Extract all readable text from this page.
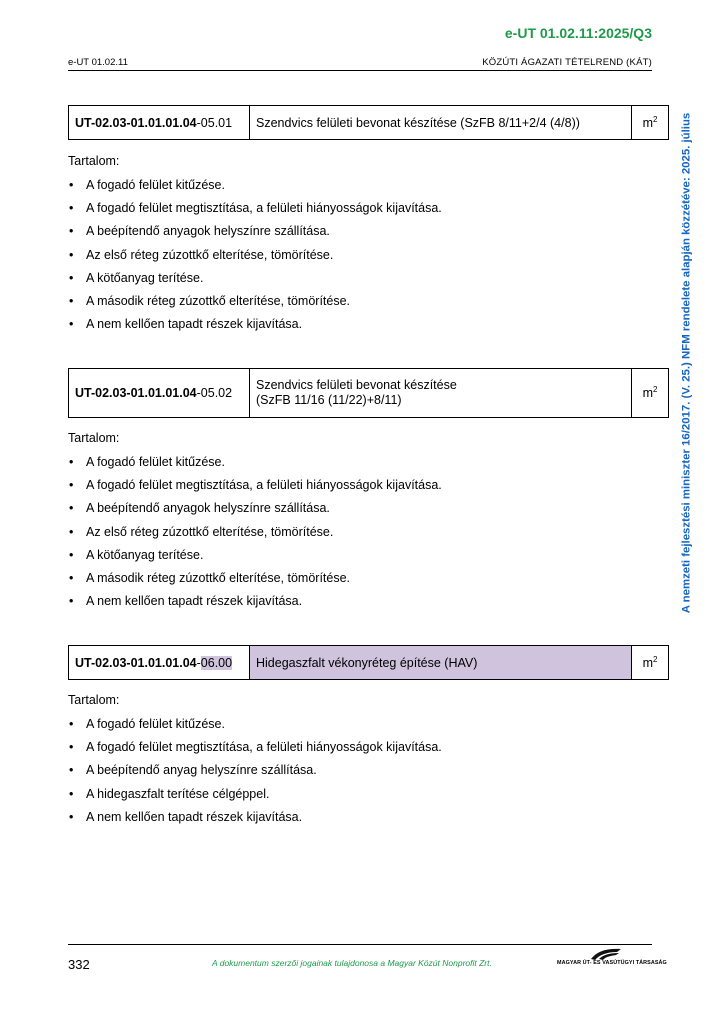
e-UT 01.02.11:2025/Q3
e-UT 01.02.11	KÖZÚTI ÁGAZATI TÉTELREND (KÁT)
A nemzeti fejlesztési miniszter 16/2017. (V. 25.) NFM rendelete alapján közzétéve: 2025. július
UT-02.03-01.01.01.04-05.01	Szendvics felületi bevonat készítése (SzFB 8/11+2/4 (4/8))	$m^2$
Tartalom:
• A fogadó felület kitűzése.
• A fogadó felület megtisztítása, a felületi hiányosságok kijavítása.
• A beépítendő anyagok helyszínre szállítása.
• Az első réteg zúzottkő elterítése, tömörítése.
• A kötőanyag terítése.
• A második réteg zúzottkő elterítése, tömörítése.
• A nem kellően tapadt részek kijavítása.
UT-02.03-01.01.01.04-05.02	Szendvics felületi bevonat készítése
(SzFB 11/16 (11/22)+8/11)	$m^2$
Tartalom:
• A fogadó felület kitűzése.
• A fogadó felület megtisztítása, a felületi hiányosságok kijavítása.
• A beépítendő anyagok helyszínre szállítása.
• Az első réteg zúzottkő elterítése, tömörítése.
• A kötőanyag terítése.
• A második réteg zúzottkő elterítése, tömörítése.
• A nem kellően tapadt részek kijavítása.
UT-02.03-01.01.01.04-06.00	Hidegaszfalt vékonyréteg építése (HAV)	$m^2$
Tartalom:
• A fogadó felület kitűzése.
• A fogadó felület megtisztítása, a felületi hiányosságok kijavítása.
• A beépítendő anyag helyszínre szállítása.
• A hidegaszfalt terítése célgéppel.
• A nem kellően tapadt részek kijavítása.
332	A dokumentum szerzői jogainak tulajdonosa a Magyar Közút Nonprofit Zrt.	MAGYAR ÚT- ÉS VASÚTÜGYI TÁRSASÁG
